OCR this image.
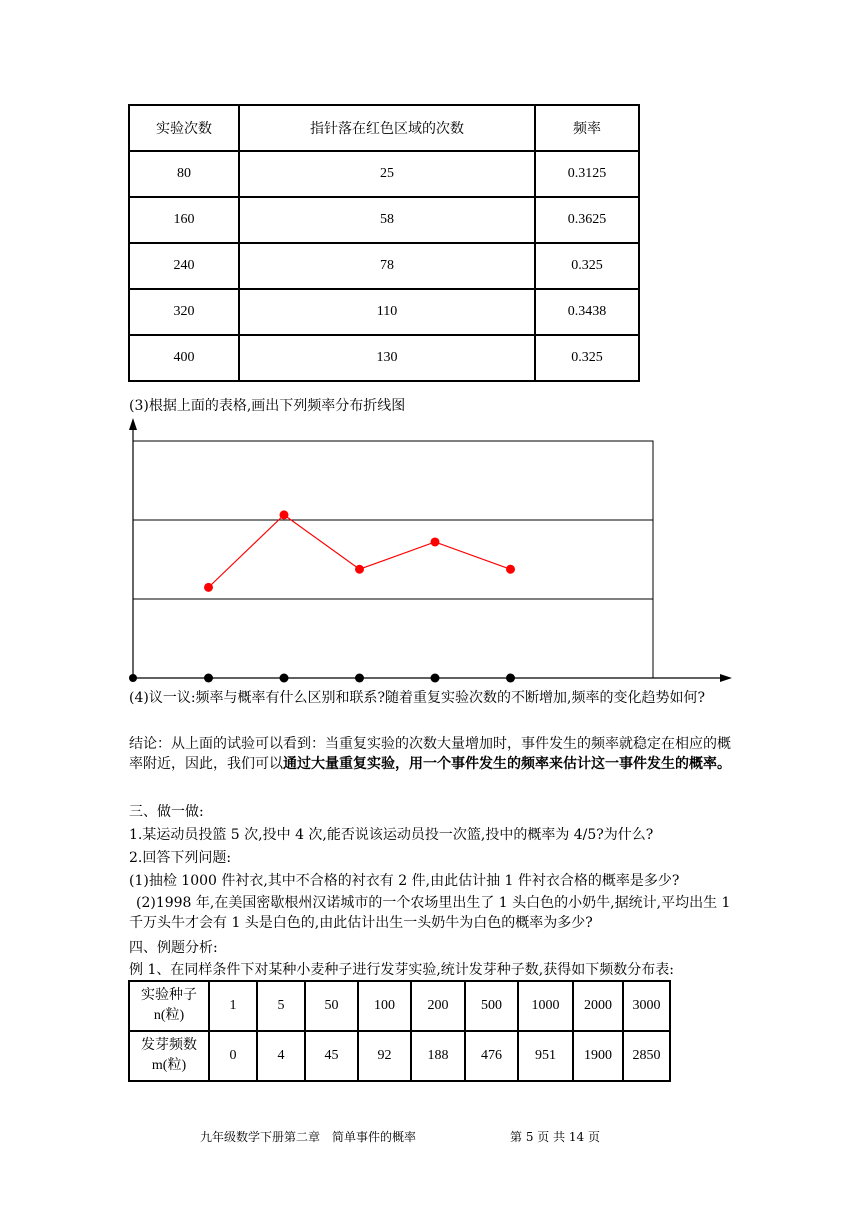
实验次数	指针落在红色区域的次数	频率
80	25	0.3125
160	58	0.3625
240	78	0.325
320	110	0.3438
400	130	0.325
(3)根据上面的表格,画出下列频率分布折线图
(4)议一议:频率与概率有什么区别和联系?随着重复实验次数的不断增加,频率的变化趋势如何?
结论：从上面的试验可以看到：当重复实验的次数大量增加时，事件发生的频率就稳定在相应的概率附近，因此，我们可以通过大量重复实验，用一个事件发生的频率来估计这一事件发生的概率。
三、做一做:
1.某运动员投篮 5 次,投中 4 次,能否说该运动员投一次篮,投中的概率为 4/5?为什么?
2.回答下列问题:
(1)抽检 1000 件衬衣,其中不合格的衬衣有 2 件,由此估计抽 1 件衬衣合格的概率是多少?
(2)1998 年,在美国密歇根州汉诺城市的一个农场里出生了 1 头白色的小奶牛,据统计,平均出生 1 千万头牛才会有 1 头是白色的,由此估计出生一头奶牛为白色的概率为多少?
四、例题分析:
例 1、在同样条件下对某种小麦种子进行发芽实验,统计发芽种子数,获得如下频数分布表:
实验种子
n(粒)	1	5	50	100	200	500	1000	2000	3000

发芽频数
m(粒)	0	4	45	92	188	476	951	1900	2850
九年级数学下册第二章　简单事件的概率	第 5 页 共 14 页
